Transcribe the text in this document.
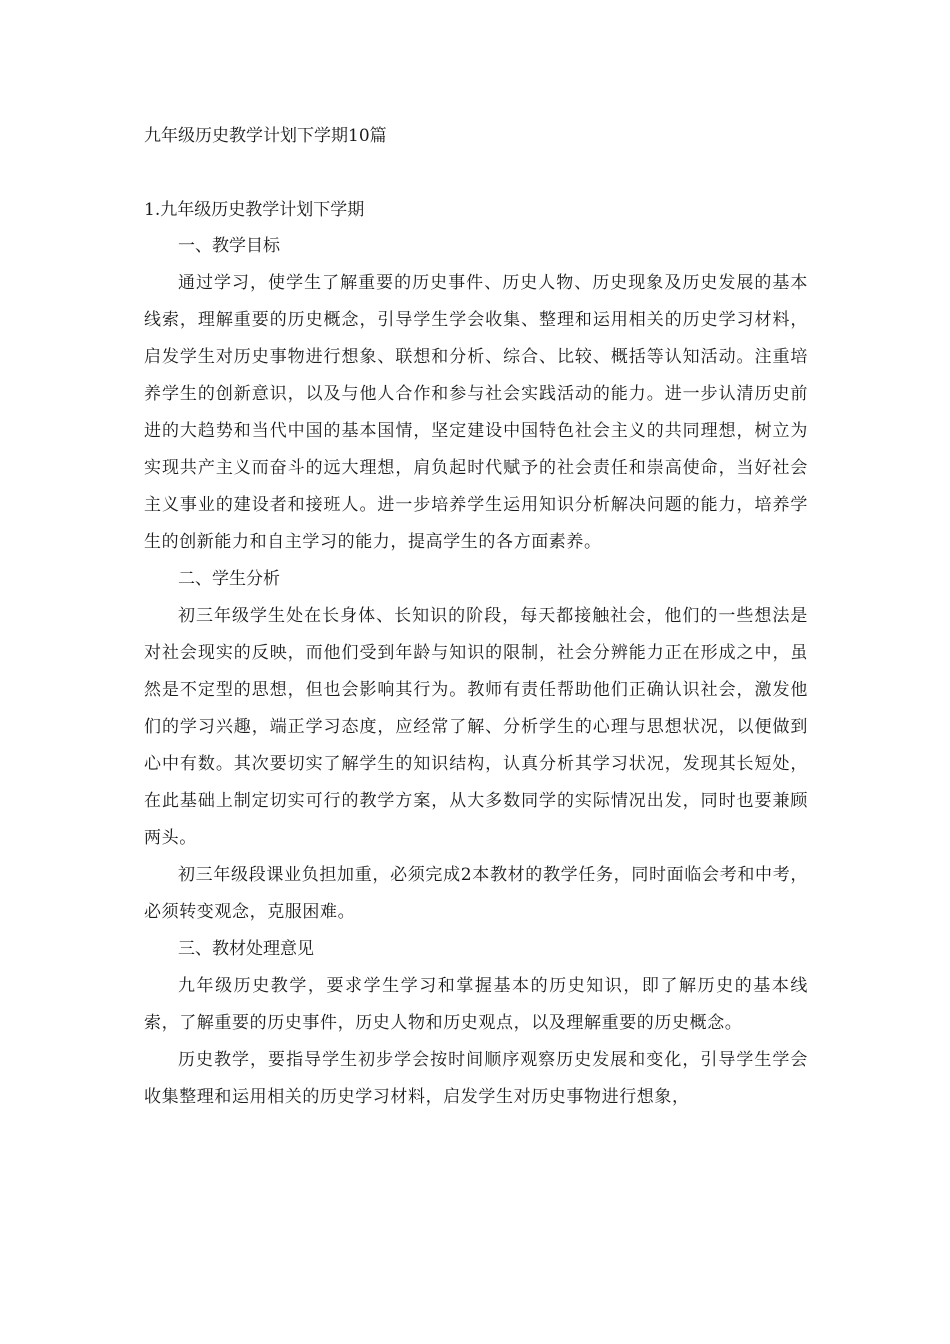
九年级历史教学计划下学期10篇

1.九年级历史教学计划下学期

一、教学目标

通过学习，使学生了解重要的历史事件、历史人物、历史现象及历史发展的基本线索，理解重要的历史概念，引导学生学会收集、整理和运用相关的历史学习材料，启发学生对历史事物进行想象、联想和分析、综合、比较、概括等认知活动。注重培养学生的创新意识，以及与他人合作和参与社会实践活动的能力。进一步认清历史前进的大趋势和当代中国的基本国情，坚定建设中国特色社会主义的共同理想，树立为实现共产主义而奋斗的远大理想，肩负起时代赋予的社会责任和崇高使命，当好社会主义事业的建设者和接班人。进一步培养学生运用知识分析解决问题的能力，培养学生的创新能力和自主学习的能力，提高学生的各方面素养。

二、学生分析

初三年级学生处在长身体、长知识的阶段，每天都接触社会，他们的一些想法是对社会现实的反映，而他们受到年龄与知识的限制，社会分辨能力正在形成之中，虽然是不定型的思想，但也会影响其行为。教师有责任帮助他们正确认识社会，激发他们的学习兴趣，端正学习态度，应经常了解、分析学生的心理与思想状况，以便做到心中有数。其次要切实了解学生的知识结构，认真分析其学习状况，发现其长短处，在此基础上制定切实可行的教学方案，从大多数同学的实际情况出发，同时也要兼顾两头。

初三年级段课业负担加重，必须完成2本教材的教学任务，同时面临会考和中考，必须转变观念，克服困难。

三、教材处理意见

九年级历史教学，要求学生学习和掌握基本的历史知识，即了解历史的基本线索，了解重要的历史事件，历史人物和历史观点，以及理解重要的历史概念。

历史教学，要指导学生初步学会按时间顺序观察历史发展和变化，引导学生学会收集整理和运用相关的历史学习材料，启发学生对历史事物进行想象，
